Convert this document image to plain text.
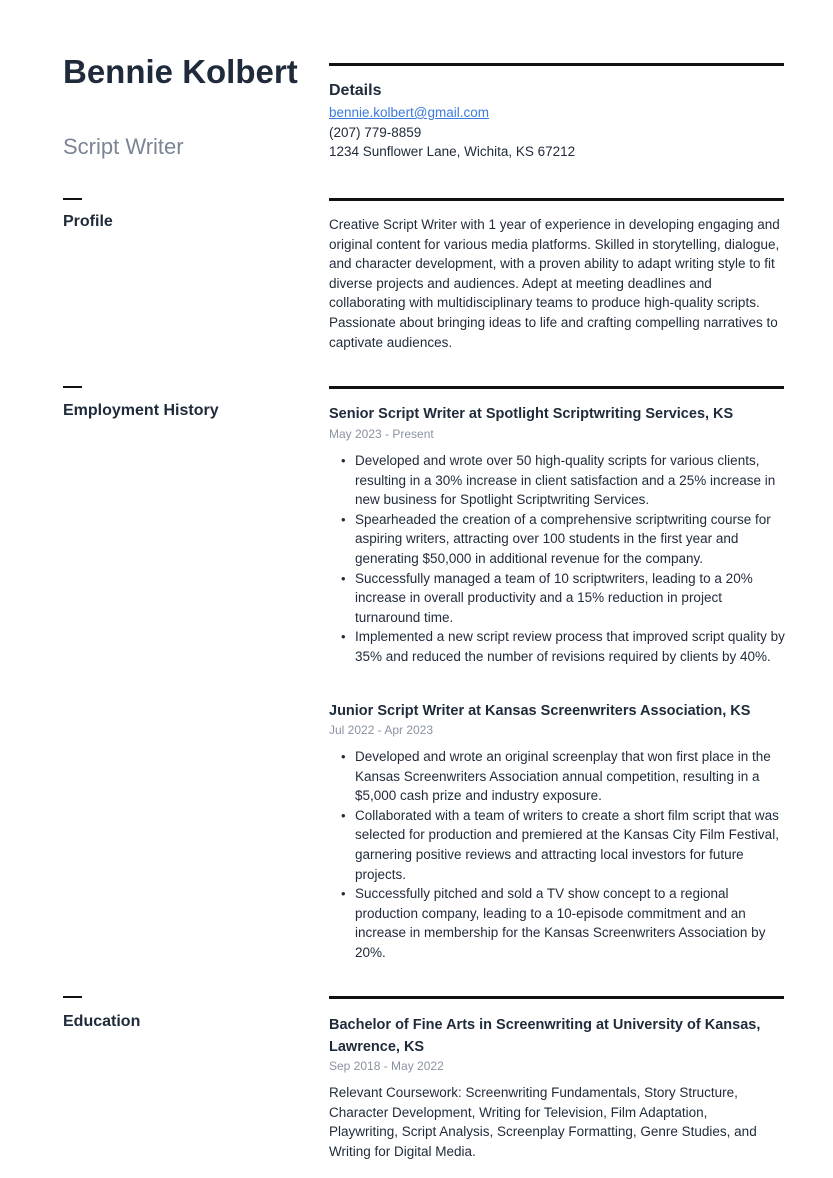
Bennie Kolbert
Script Writer
Details
bennie.kolbert@gmail.com
(207) 779-8859
1234 Sunflower Lane, Wichita, KS 67212
Profile	Creative Script Writer with 1 year of experience in developing engaging and original content for various media platforms. Skilled in storytelling, dialogue, and character development, with a proven ability to adapt writing style to fit diverse projects and audiences. Adept at meeting deadlines and collaborating with multidisciplinary teams to produce high-quality scripts. Passionate about bringing ideas to life and crafting compelling narratives to captivate audiences.
Employment History	Senior Script Writer at Spotlight Scriptwriting Services, KS
May 2023 - Present
• Developed and wrote over 50 high-quality scripts for various clients, resulting in a 30% increase in client satisfaction and a 25% increase in new business for Spotlight Scriptwriting Services.
• Spearheaded the creation of a comprehensive scriptwriting course for aspiring writers, attracting over 100 students in the first year and generating $50,000 in additional revenue for the company.
• Successfully managed a team of 10 scriptwriters, leading to a 20% increase in overall productivity and a 15% reduction in project turnaround time.
• Implemented a new script review process that improved script quality by 35% and reduced the number of revisions required by clients by 40%.
Junior Script Writer at Kansas Screenwriters Association, KS
Jul 2022 - Apr 2023
• Developed and wrote an original screenplay that won first place in the Kansas Screenwriters Association annual competition, resulting in a $5,000 cash prize and industry exposure.
• Collaborated with a team of writers to create a short film script that was selected for production and premiered at the Kansas City Film Festival, garnering positive reviews and attracting local investors for future projects.
• Successfully pitched and sold a TV show concept to a regional production company, leading to a 10-episode commitment and an increase in membership for the Kansas Screenwriters Association by 20%.
Education	Bachelor of Fine Arts in Screenwriting at University of Kansas, Lawrence, KS
Sep 2018 - May 2022
Relevant Coursework: Screenwriting Fundamentals, Story Structure, Character Development, Writing for Television, Film Adaptation, Playwriting, Script Analysis, Screenplay Formatting, Genre Studies, and Writing for Digital Media.
